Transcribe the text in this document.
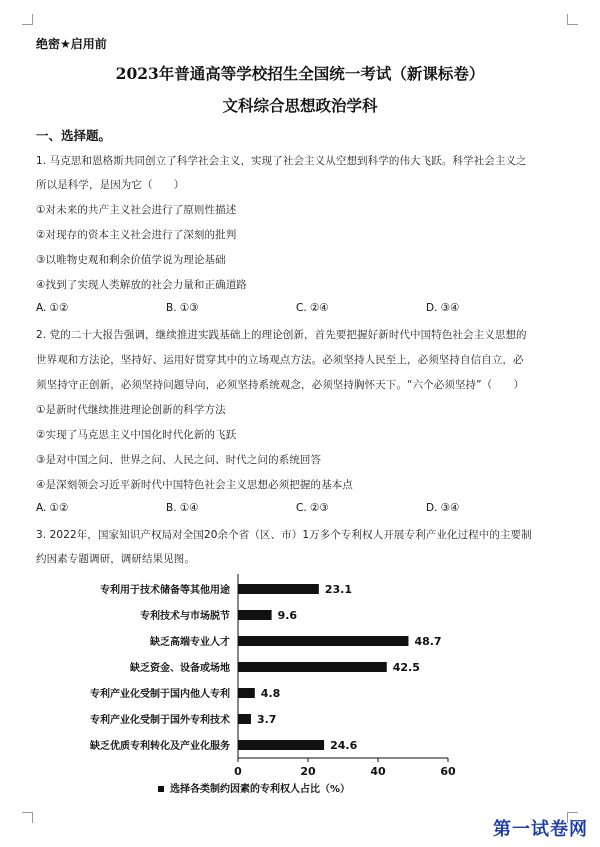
绝密★启用前
2023年普通高等学校招生全国统一考试（新课标卷）
文科综合思想政治学科
一、选择题。
1. 马克思和恩格斯共同创立了科学社会主义，实现了社会主义从空想到科学的伟大飞跃。科学社会主义之
所以是科学，是因为它（　　）
①对未来的共产主义社会进行了原则性描述
②对现存的资本主义社会进行了深刻的批判
③以唯物史观和剩余价值学说为理论基础
④找到了实现人类解放的社会力量和正确道路
A. ①②	B. ①③	C. ②④	D. ③④
2. 党的二十大报告强调，继续推进实践基础上的理论创新，首先要把握好新时代中国特色社会主义思想的
世界观和方法论，坚持好、运用好贯穿其中的立场观点方法。必须坚持人民至上，必须坚持自信自立，必
须坚持守正创新，必须坚持问题导向，必须坚持系统观念，必须坚持胸怀天下。“六个必须坚持”（　　）
①是新时代继续推进理论创新的科学方法
②实现了马克思主义中国化时代化新的飞跃
③是对中国之问、世界之问、人民之问、时代之问的系统回答
④是深刻领会习近平新时代中国特色社会主义思想必须把握的基本点
A. ①②	B. ①④	C. ②③	D. ③④
3. 2022年，国家知识产权局对全国20余个省（区、市）1万多个专利权人开展专利产业化过程中的主要制
约因素专题调研，调研结果见图。
专利用于技术储备等其他用途	23.1
专利技术与市场脱节	9.6
缺乏高端专业人才	48.7
缺乏资金、设备或场地	42.5
专利产业化受制于国内他人专利	4.8
专利产业化受制于国外专利技术 3.7
缺乏优质专利转化及产业化服务	24.6
0	20	40	60
选择各类制约因素的专利权人占比（%）
第一试卷网
